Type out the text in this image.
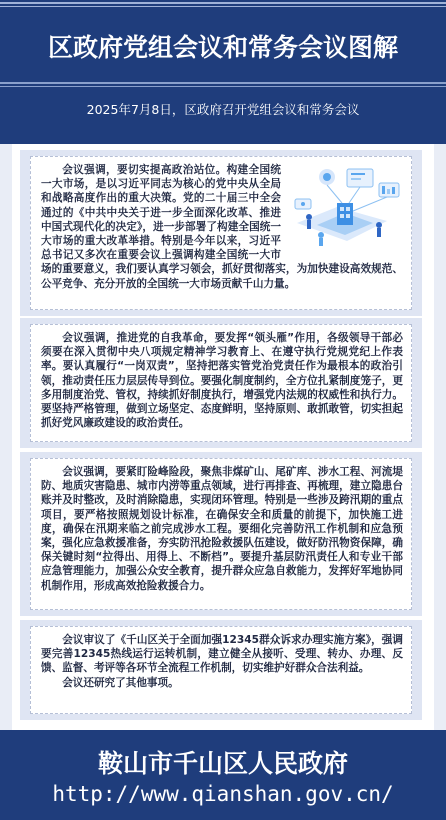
区政府党组会议和常务会议图解
2025年7月8日，区政府召开党组会议和常务会议

会议强调，要切实提高政治站位。构建全国统一大市场，是以习近平同志为核心的党中央从全局和战略高度作出的重大决策。党的二十届三中全会通过的《中共中央关于进一步全面深化改革、推进中国式现代化的决定》，进一步部署了构建全国统一大市场的重大改革举措。特别是今年以来，习近平总书记又多次在重要会议上强调构建全国统一大市场的重要意义，我们要认真学习领会，抓好贯彻落实，为加快建设高效规范、公平竞争、充分开放的全国统一大市场贡献千山力量。

会议强调，推进党的自我革命，要发挥“领头雁”作用，各级领导干部必须要在深入贯彻中央八项规定精神学习教育上、在遵守执行党规党纪上作表率。要认真履行“一岗双责”，坚持把落实管党治党责任作为最根本的政治引领，推动责任压力层层传导到位。要强化制度制约，全方位扎紧制度笼子，更多用制度治党、管权，持续抓好制度执行，增强党内法规的权威性和执行力。要坚持严格管理，做到立场坚定、态度鲜明，坚持原则、敢抓敢管，切实担起抓好党风廉政建设的政治责任。

会议强调，要紧盯险峰险段，聚焦非煤矿山、尾矿库、涉水工程、河流堤防、地质灾害隐患、城市内涝等重点领域，进行再排查、再梳理，建立隐患台账并及时整改，及时消除隐患，实现闭环管理。特别是一些涉及跨汛期的重点项目，要严格按照规划设计标准，在确保安全和质量的前提下，加快施工进度，确保在汛期来临之前完成涉水工程。要细化完善防汛工作机制和应急预案，强化应急救援准备，夯实防汛抢险救援队伍建设，做好防汛物资保障，确保关键时刻“拉得出、用得上、不断档”。要提升基层防汛责任人和专业干部应急管理能力，加强公众安全教育，提升群众应急自救能力，发挥好军地协同机制作用，形成高效抢险救援合力。

会议审议了《千山区关于全面加强12345群众诉求办理实施方案》，强调要完善12345热线运行运转机制，建立健全从接听、受理、转办、办理、反馈、监督、考评等各环节全流程工作机制，切实维护好群众合法利益。

会议还研究了其他事项。

鞍山市千山区人民政府
http://www.qianshan.gov.cn/
